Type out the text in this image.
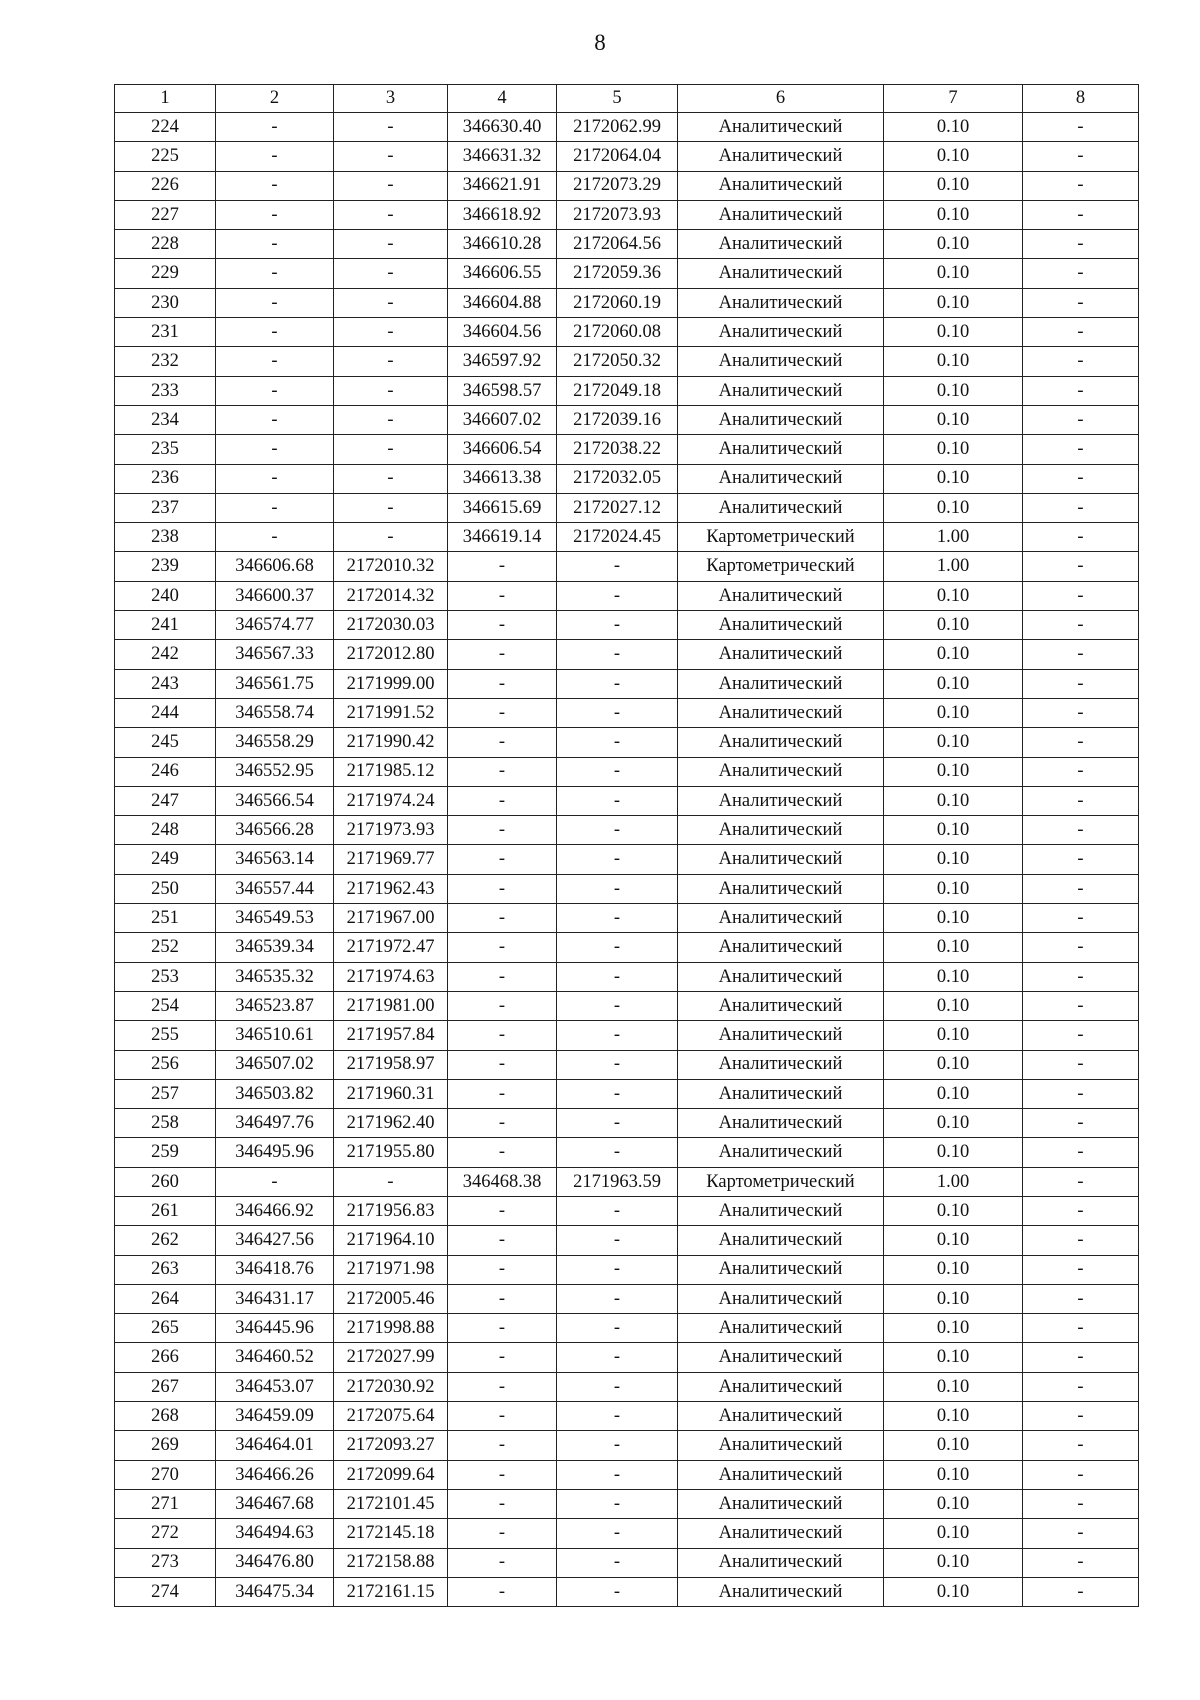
8
1	2	3	4	5	6	7	8
224	-	-	346630.40	2172062.99	Аналитический	0.10	-
225	-	-	346631.32	2172064.04	Аналитический	0.10	-
226	-	-	346621.91	2172073.29	Аналитический	0.10	-
227	-	-	346618.92	2172073.93	Аналитический	0.10	-
228	-	-	346610.28	2172064.56	Аналитический	0.10	-
229	-	-	346606.55	2172059.36	Аналитический	0.10	-
230	-	-	346604.88	2172060.19	Аналитический	0.10	-
231	-	-	346604.56	2172060.08	Аналитический	0.10	-
232	-	-	346597.92	2172050.32	Аналитический	0.10	-
233	-	-	346598.57	2172049.18	Аналитический	0.10	-
234	-	-	346607.02	2172039.16	Аналитический	0.10	-
235	-	-	346606.54	2172038.22	Аналитический	0.10	-
236	-	-	346613.38	2172032.05	Аналитический	0.10	-
237	-	-	346615.69	2172027.12	Аналитический	0.10	-
238	-	-	346619.14	2172024.45	Картометрический	1.00	-
239	346606.68	2172010.32	-	-	Картометрический	1.00	-
240	346600.37	2172014.32	-	-	Аналитический	0.10	-
241	346574.77	2172030.03	-	-	Аналитический	0.10	-
242	346567.33	2172012.80	-	-	Аналитический	0.10	-
243	346561.75	2171999.00	-	-	Аналитический	0.10	-
244	346558.74	2171991.52	-	-	Аналитический	0.10	-
245	346558.29	2171990.42	-	-	Аналитический	0.10	-
246	346552.95	2171985.12	-	-	Аналитический	0.10	-
247	346566.54	2171974.24	-	-	Аналитический	0.10	-
248	346566.28	2171973.93	-	-	Аналитический	0.10	-
249	346563.14	2171969.77	-	-	Аналитический	0.10	-
250	346557.44	2171962.43	-	-	Аналитический	0.10	-
251	346549.53	2171967.00	-	-	Аналитический	0.10	-
252	346539.34	2171972.47	-	-	Аналитический	0.10	-
253	346535.32	2171974.63	-	-	Аналитический	0.10	-
254	346523.87	2171981.00	-	-	Аналитический	0.10	-
255	346510.61	2171957.84	-	-	Аналитический	0.10	-
256	346507.02	2171958.97	-	-	Аналитический	0.10	-
257	346503.82	2171960.31	-	-	Аналитический	0.10	-
258	346497.76	2171962.40	-	-	Аналитический	0.10	-
259	346495.96	2171955.80	-	-	Аналитический	0.10	-
260	-	-	346468.38	2171963.59	Картометрический	1.00	-
261	346466.92	2171956.83	-	-	Аналитический	0.10	-
262	346427.56	2171964.10	-	-	Аналитический	0.10	-
263	346418.76	2171971.98	-	-	Аналитический	0.10	-
264	346431.17	2172005.46	-	-	Аналитический	0.10	-
265	346445.96	2171998.88	-	-	Аналитический	0.10	-
266	346460.52	2172027.99	-	-	Аналитический	0.10	-
267	346453.07	2172030.92	-	-	Аналитический	0.10	-
268	346459.09	2172075.64	-	-	Аналитический	0.10	-
269	346464.01	2172093.27	-	-	Аналитический	0.10	-
270	346466.26	2172099.64	-	-	Аналитический	0.10	-
271	346467.68	2172101.45	-	-	Аналитический	0.10	-
272	346494.63	2172145.18	-	-	Аналитический	0.10	-
273	346476.80	2172158.88	-	-	Аналитический	0.10	-
274	346475.34	2172161.15	-	-	Аналитический	0.10	-
